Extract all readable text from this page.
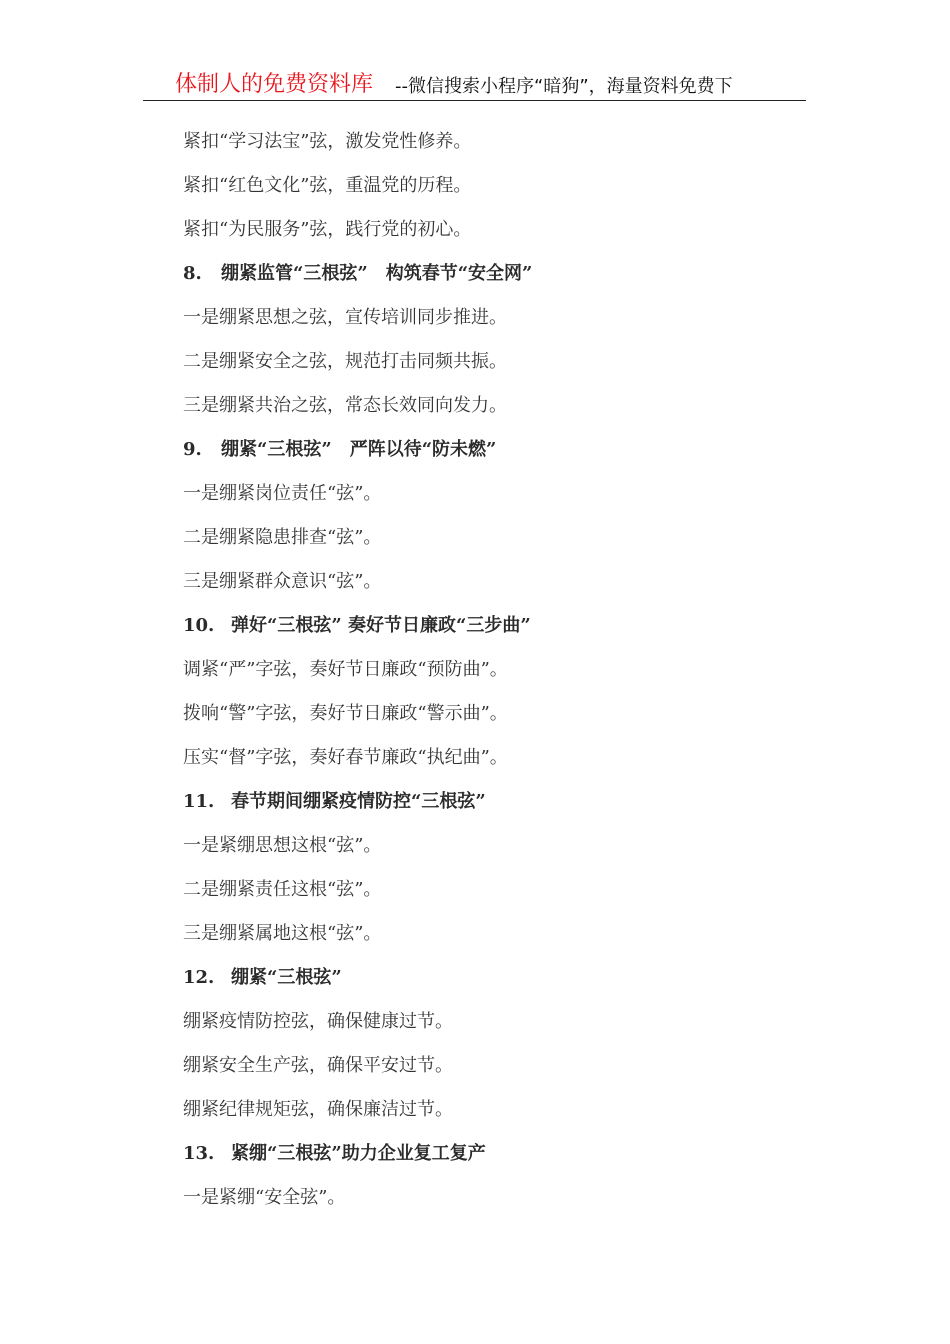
体制人的免费资料库 --微信搜索小程序“暗狗”，海量资料免费下
紧扣“学习法宝”弦，激发党性修养。
紧扣“红色文化”弦，重温党的历程。
紧扣“为民服务”弦，践行党的初心。
8. 绷紧监管“三根弦”　构筑春节“安全网”
一是绷紧思想之弦，宣传培训同步推进。
二是绷紧安全之弦，规范打击同频共振。
三是绷紧共治之弦，常态长效同向发力。
9. 绷紧“三根弦”　严阵以待“防未燃”
一是绷紧岗位责任“弦”。
二是绷紧隐患排查“弦”。
三是绷紧群众意识“弦”。
10. 弹好“三根弦” 奏好节日廉政“三步曲”
调紧“严”字弦，奏好节日廉政“预防曲”。
拨响“警”字弦，奏好节日廉政“警示曲”。
压实“督”字弦，奏好春节廉政“执纪曲”。
11. 春节期间绷紧疫情防控“三根弦”
一是紧绷思想这根“弦”。
二是绷紧责任这根“弦”。
三是绷紧属地这根“弦”。
12. 绷紧“三根弦”
绷紧疫情防控弦，确保健康过节。
绷紧安全生产弦，确保平安过节。
绷紧纪律规矩弦，确保廉洁过节。
13. 紧绷“三根弦”助力企业复工复产
一是紧绷“安全弦”。
